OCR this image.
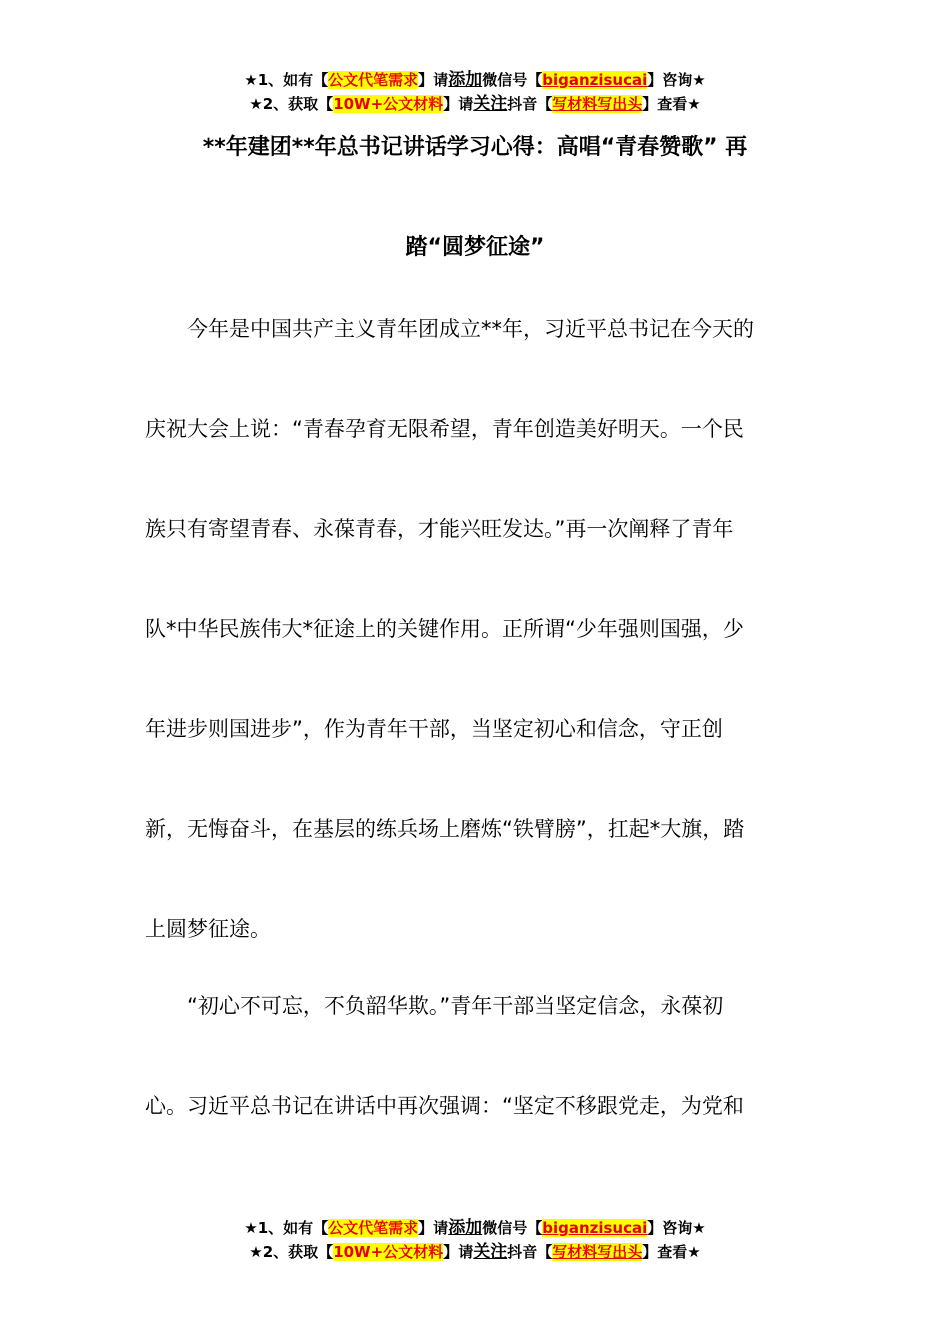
★1、如有【公文代笔需求】请添加微信号【biganzisucai】咨询★
★2、获取【10W+公文材料】请关注抖音【写材料写出头】查看★
**年建团**年总书记讲话学习心得：高唱“青春赞歌” 再
踏“圆梦征途”
今年是中国共产主义青年团成立**年，习近平总书记在今天的
庆祝大会上说：“青春孕育无限希望，青年创造美好明天。一个民
族只有寄望青春、永葆青春，才能兴旺发达。”再一次阐释了青年
队*中华民族伟大*征途上的关键作用。正所谓“少年强则国强，少
年进步则国进步”，作为青年干部，当坚定初心和信念，守正创
新，无悔奋斗，在基层的练兵场上磨炼“铁臂膀”，扛起*大旗，踏
上圆梦征途。
“初心不可忘，不负韶华欺。”青年干部当坚定信念，永葆初
心。习近平总书记在讲话中再次强调：“坚定不移跟党走，为党和
★1、如有【公文代笔需求】请添加微信号【biganzisucai】咨询★
★2、获取【10W+公文材料】请关注抖音【写材料写出头】查看★
